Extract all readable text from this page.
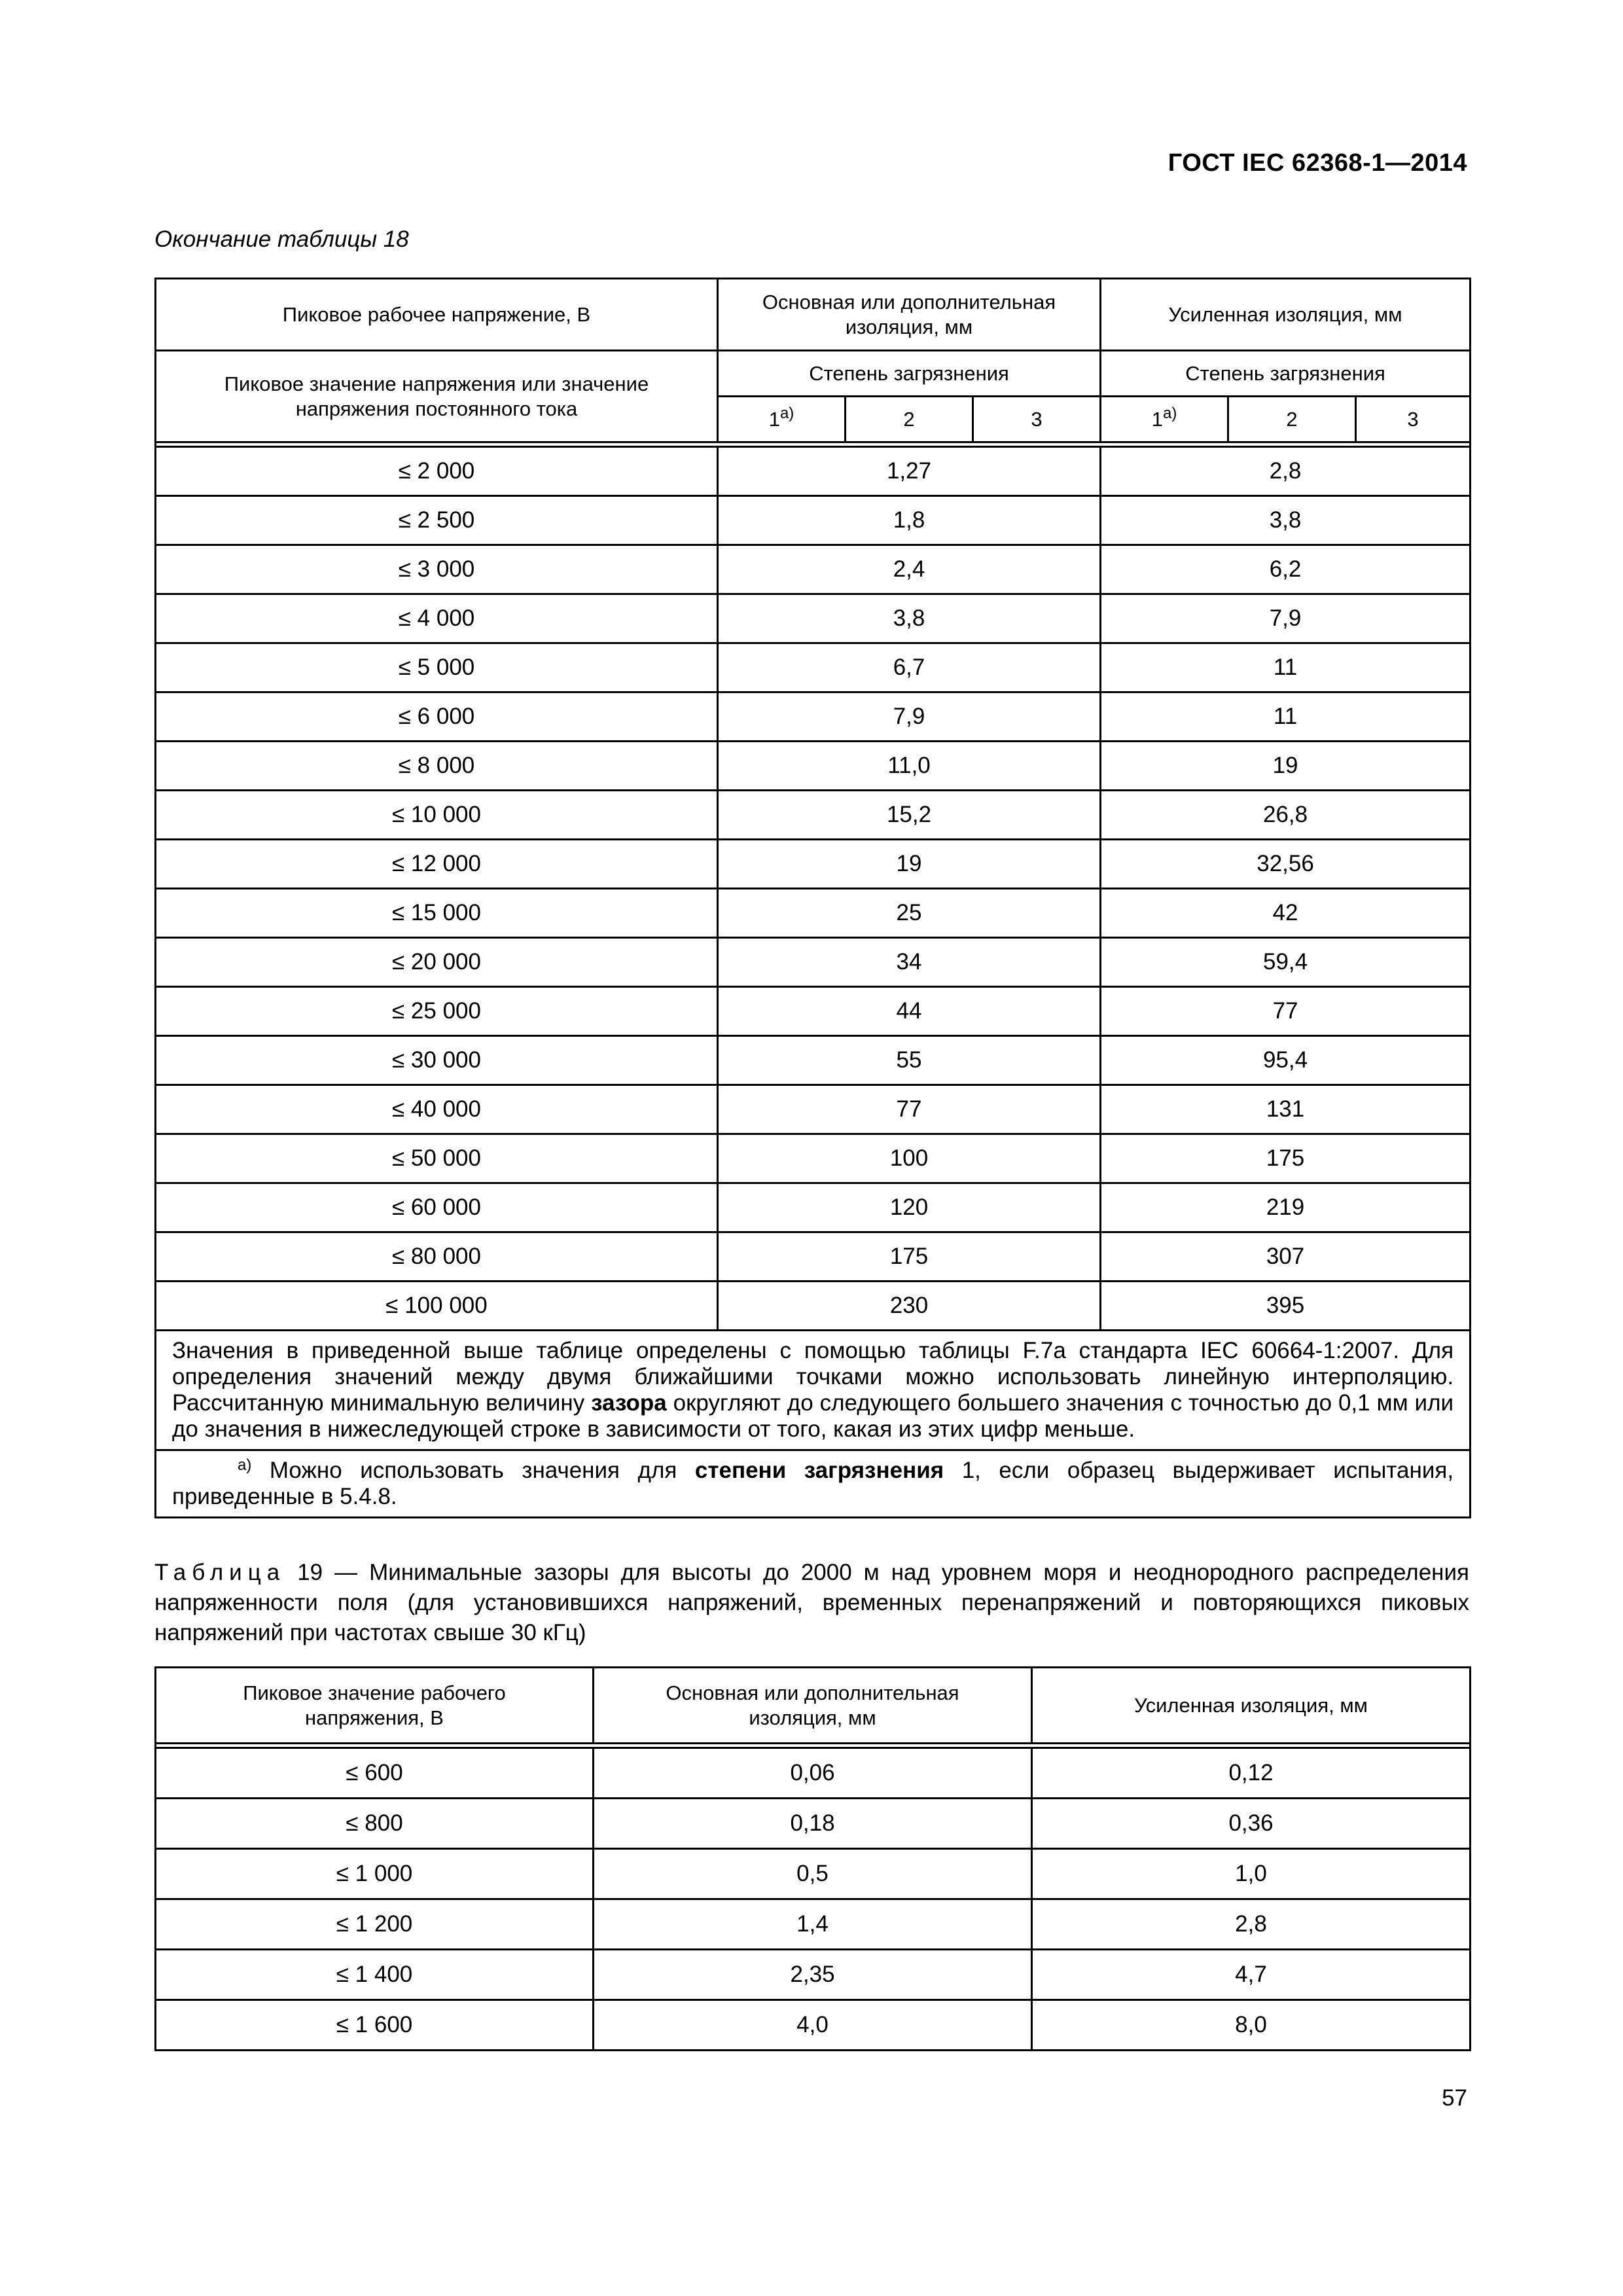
ГОСТ IEC 62368-1—2014
Окончание таблицы 18
Пиковое рабочее напряжение, В	Основная или дополнительная изоляция, мм			Усиленная изоляция, мм		
Пиковое значение напряжения или значение напряжения постоянного тока	Степень загрязнения			Степень загрязнения		
	$1^{а)}$	2	3	$1^{а)}$	2	3

≤ 2 000	1,27			2,8		
≤ 2 500	1,8			3,8		
≤ 3 000	2,4			6,2		
≤ 4 000	3,8			7,9		
≤ 5 000	6,7			11		
≤ 6 000	7,9			11		
≤ 8 000	11,0			19		
≤ 10 000	15,2			26,8		
≤ 12 000	19			32,56		
≤ 15 000	25			42		
≤ 20 000	34			59,4		
≤ 25 000	44			77		
≤ 30 000	55			95,4		
≤ 40 000	77			131		
≤ 50 000	100			175		
≤ 60 000	120			219		
≤ 80 000	175			307		
≤ 100 000	230			395		
Значения в приведенной выше таблице определены с помощью таблицы F.7a стандарта IEC 60664-1:2007. Для определения значений между двумя ближайшими точками можно использовать линейную интерполяцию. Рассчитанную минимальную величину зазора округляют до следующего большего значения с точностью до 0,1 мм или до значения в нижеследующей строке в зависимости от того, какая из этих цифр меньше.						
$^{а)}$ Можно использовать значения для степени загрязнения 1, если образец выдерживает испытания, приведенные в 5.4.8.						
Таблица 19 — Минимальные зазоры для высоты до 2000 м над уровнем моря и неоднородного распределения напряженности поля (для установившихся напряжений, временных перенапряжений и повторяющихся пиковых напряжений при частотах свыше 30 кГц)
Пиковое значение рабочего напряжения, В	Основная или дополнительная изоляция, мм	Усиленная изоляция, мм

≤ 600	0,06	0,12
≤ 800	0,18	0,36
≤ 1 000	0,5	1,0
≤ 1 200	1,4	2,8
≤ 1 400	2,35	4,7
≤ 1 600	4,0	8,0
57
